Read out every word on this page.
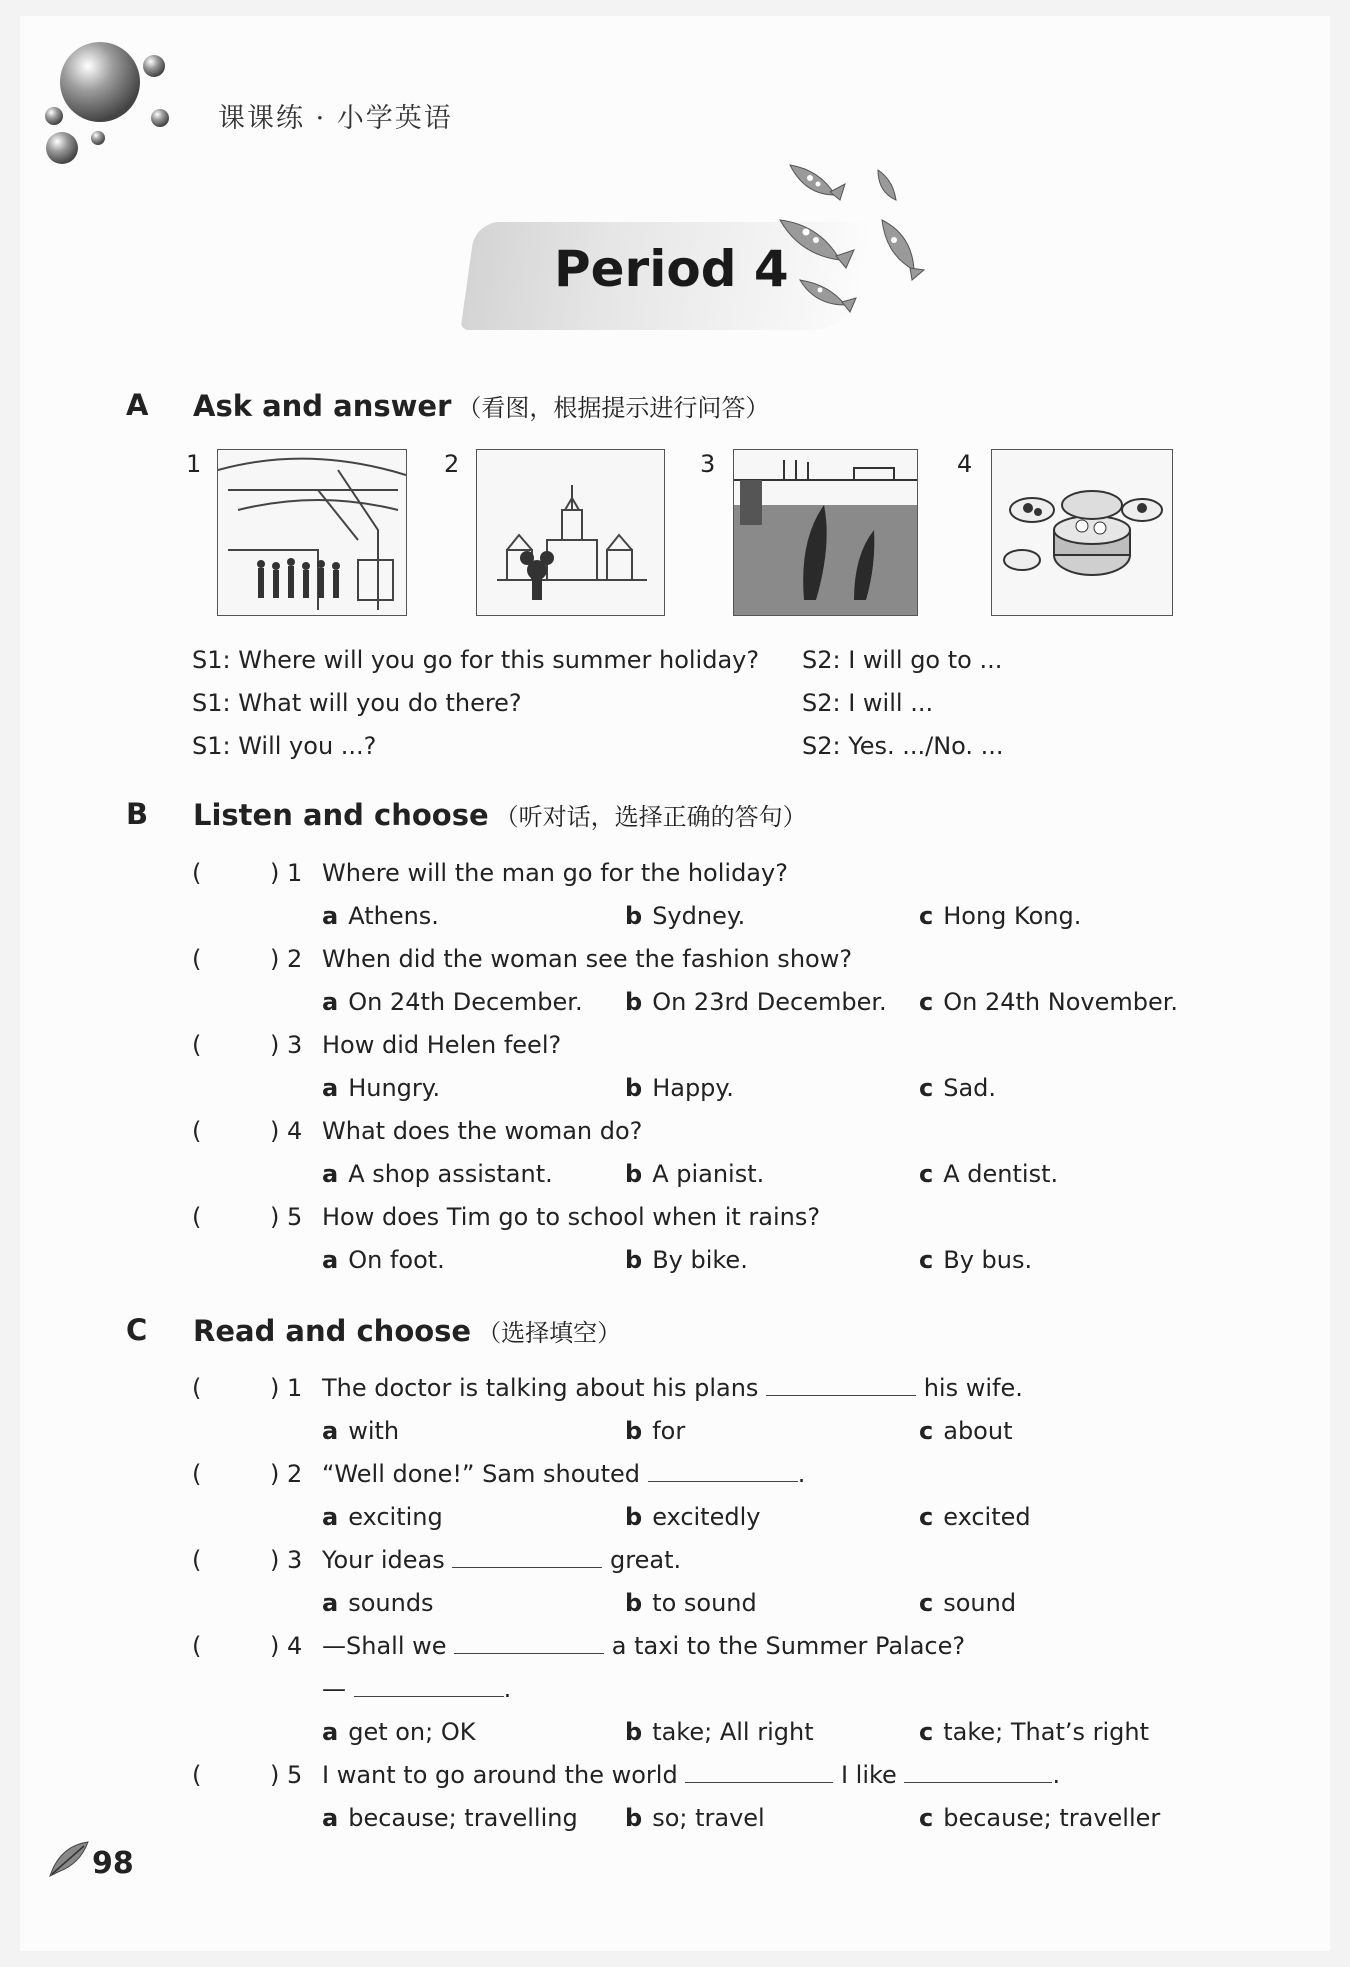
课课练 · 小学英语
Period 4
A Ask and answer （看图，根据提示进行问答）
1	2	3	4
S1: Where will you go for this summer holiday? S2: I will go to ...
S1: What will you do there?	S2: I will ...
S1: Will you ...?	S2: Yes. .../No. ...
B Listen and choose （听对话，选择正确的答句）
(	) 1 Where will the man go for the holiday?
a Athens.	b Sydney.	c Hong Kong.
(	) 2 When did the woman see the fashion show?
a On 24th December. b On 23rd December. c On 24th November.
(	) 3 How did Helen feel?
a Hungry.	b Happy.	c Sad.
(	) 4 What does the woman do?
a A shop assistant.	b A pianist.	c A dentist.
(	) 5 How does Tim go to school when it rains?
a On foot.	b By bike.	c By bus.
C Read and choose （选择填空）
(	) 1 The doctor is talking about his plans	his wife.
a with	b for	c about
(	) 2 “Well done!” Sam shouted	.
a exciting	b excitedly	c excited
(	) 3 Your ideas	great.
a sounds	b to sound	c sound
(	) 4 —Shall we	a taxi to the Summer Palace?
—	.
a get on; OK	b take; All right	c take; That’s right
(	) 5 I want to go around the world	I like	.
a because; travelling b so; travel	c because; traveller
98
